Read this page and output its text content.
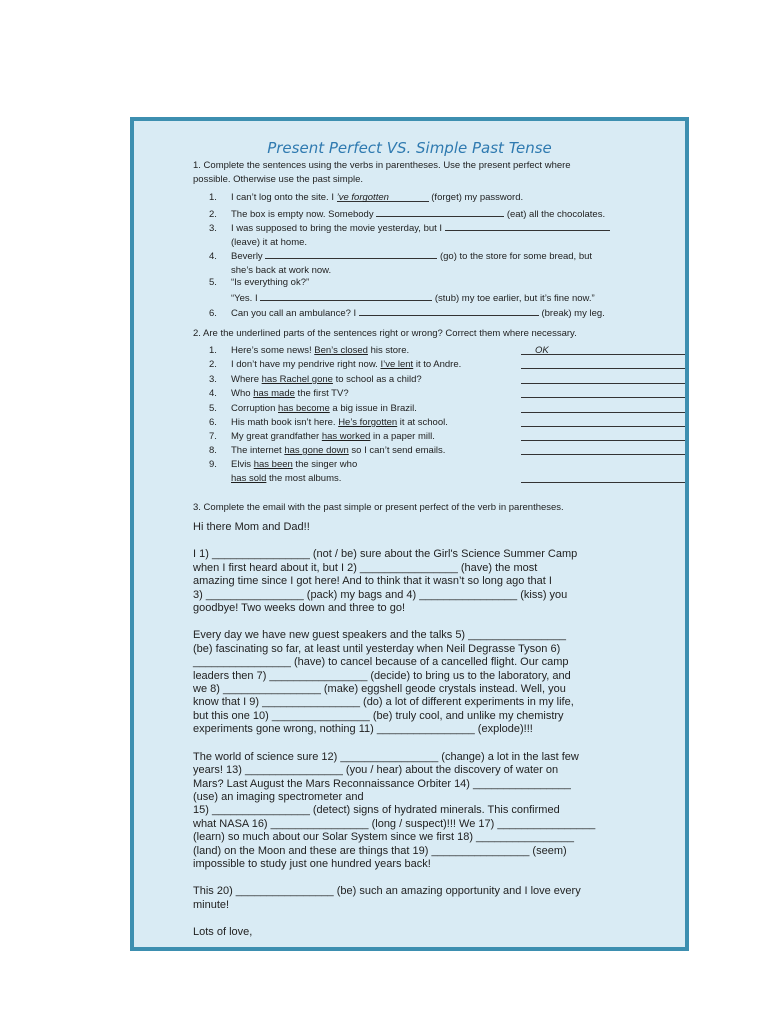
Present Perfect VS. Simple Past Tense
1. Complete the sentences using the verbs in parentheses. Use the present perfect where
possible. Otherwise use the past simple.
1. I can’t log onto the site. I ’ve forgotten	(forget) my password.
2. The box is empty now. Somebody	(eat) all the chocolates.
3. I was supposed to bring the movie yesterday, but I
(leave) it at home.
4. Beverly	(go) to the store for some bread, but
she’s back at work now.
5. “Is everything ok?”
“Yes. I	(stub) my toe earlier, but it’s fine now.”
6. Can you call an ambulance? I	(break) my leg.
2. Are the underlined parts of the sentences right or wrong? Correct them where necessary.
1. Here’s some news! Ben’s closed his store.	OK
2. I don’t have my pendrive right now. I’ve lent it to Andre.
3. Where has Rachel gone to school as a child?
4. Who has made the first TV?
5. Corruption has become a big issue in Brazil.
6. His math book isn’t here. He’s forgotten it at school.
7. My great grandfather has worked in a paper mill.
8. The internet has gone down so I can’t send emails.
9. Elvis has been the singer who
has sold the most albums.
3. Complete the email with the past simple or present perfect of the verb in parentheses.

Hi there Mom and Dad!!

I 1) ________________ (not / be) sure about the Girl's Science Summer Camp
when I first heard about it, but I 2) ________________ (have) the most
amazing time since I got here! And to think that it wasn’t so long ago that I
3) ________________ (pack) my bags and 4) ________________ (kiss) you
goodbye! Two weeks down and three to go!

Every day we have new guest speakers and the talks 5) ________________
(be) fascinating so far, at least until yesterday when Neil Degrasse Tyson 6)
________________ (have) to cancel because of a cancelled flight. Our camp
leaders then 7) ________________ (decide) to bring us to the laboratory, and
we 8) ________________ (make) eggshell geode crystals instead. Well, you
know that I 9) ________________ (do) a lot of different experiments in my life,
but this one 10) ________________ (be) truly cool, and unlike my chemistry
experiments gone wrong, nothing 11) ________________ (explode)!!!

The world of science sure 12) ________________ (change) a lot in the last few
years! 13) ________________ (you / hear) about the discovery of water on
Mars? Last August the Mars Reconnaissance Orbiter 14) ________________
(use) an imaging spectrometer and
15) ________________ (detect) signs of hydrated minerals. This confirmed
what NASA 16) ________________ (long / suspect)!!! We 17) ________________
(learn) so much about our Solar System since we first 18) ________________
(land) on the Moon and these are things that 19) ________________ (seem)
impossible to study just one hundred years back!

This 20) ________________ (be) such an amazing opportunity and I love every
minute!

Lots of love,
